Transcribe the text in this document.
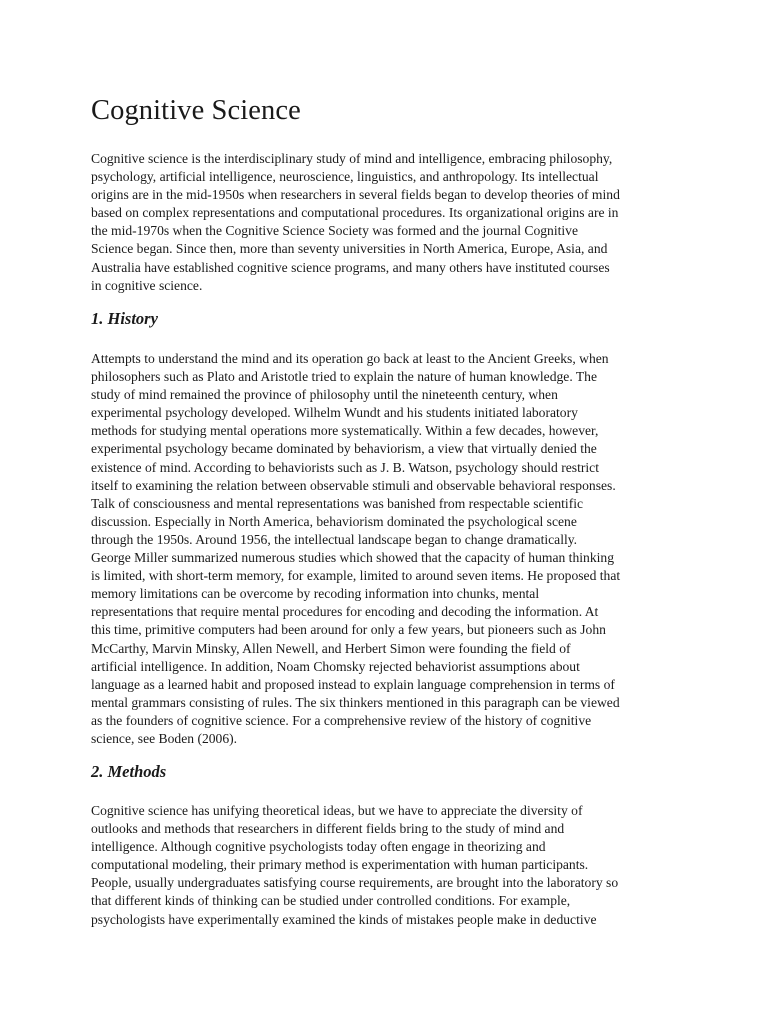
Cognitive Science

Cognitive science is the interdisciplinary study of mind and intelligence, embracing philosophy,
psychology, artificial intelligence, neuroscience, linguistics, and anthropology. Its intellectual
origins are in the mid-1950s when researchers in several fields began to develop theories of mind
based on complex representations and computational procedures. Its organizational origins are in
the mid-1970s when the Cognitive Science Society was formed and the journal Cognitive
Science began. Since then, more than seventy universities in North America, Europe, Asia, and
Australia have established cognitive science programs, and many others have instituted courses
in cognitive science.

1. History

Attempts to understand the mind and its operation go back at least to the Ancient Greeks, when
philosophers such as Plato and Aristotle tried to explain the nature of human knowledge. The
study of mind remained the province of philosophy until the nineteenth century, when
experimental psychology developed. Wilhelm Wundt and his students initiated laboratory
methods for studying mental operations more systematically. Within a few decades, however,
experimental psychology became dominated by behaviorism, a view that virtually denied the
existence of mind. According to behaviorists such as J. B. Watson, psychology should restrict
itself to examining the relation between observable stimuli and observable behavioral responses.
Talk of consciousness and mental representations was banished from respectable scientific
discussion. Especially in North America, behaviorism dominated the psychological scene
through the 1950s. Around 1956, the intellectual landscape began to change dramatically.
George Miller summarized numerous studies which showed that the capacity of human thinking
is limited, with short-term memory, for example, limited to around seven items. He proposed that
memory limitations can be overcome by recoding information into chunks, mental
representations that require mental procedures for encoding and decoding the information. At
this time, primitive computers had been around for only a few years, but pioneers such as John
McCarthy, Marvin Minsky, Allen Newell, and Herbert Simon were founding the field of
artificial intelligence. In addition, Noam Chomsky rejected behaviorist assumptions about
language as a learned habit and proposed instead to explain language comprehension in terms of
mental grammars consisting of rules. The six thinkers mentioned in this paragraph can be viewed
as the founders of cognitive science. For a comprehensive review of the history of cognitive
science, see Boden (2006).

2. Methods

Cognitive science has unifying theoretical ideas, but we have to appreciate the diversity of
outlooks and methods that researchers in different fields bring to the study of mind and
intelligence. Although cognitive psychologists today often engage in theorizing and
computational modeling, their primary method is experimentation with human participants.
People, usually undergraduates satisfying course requirements, are brought into the laboratory so
that different kinds of thinking can be studied under controlled conditions. For example,
psychologists have experimentally examined the kinds of mistakes people make in deductive
